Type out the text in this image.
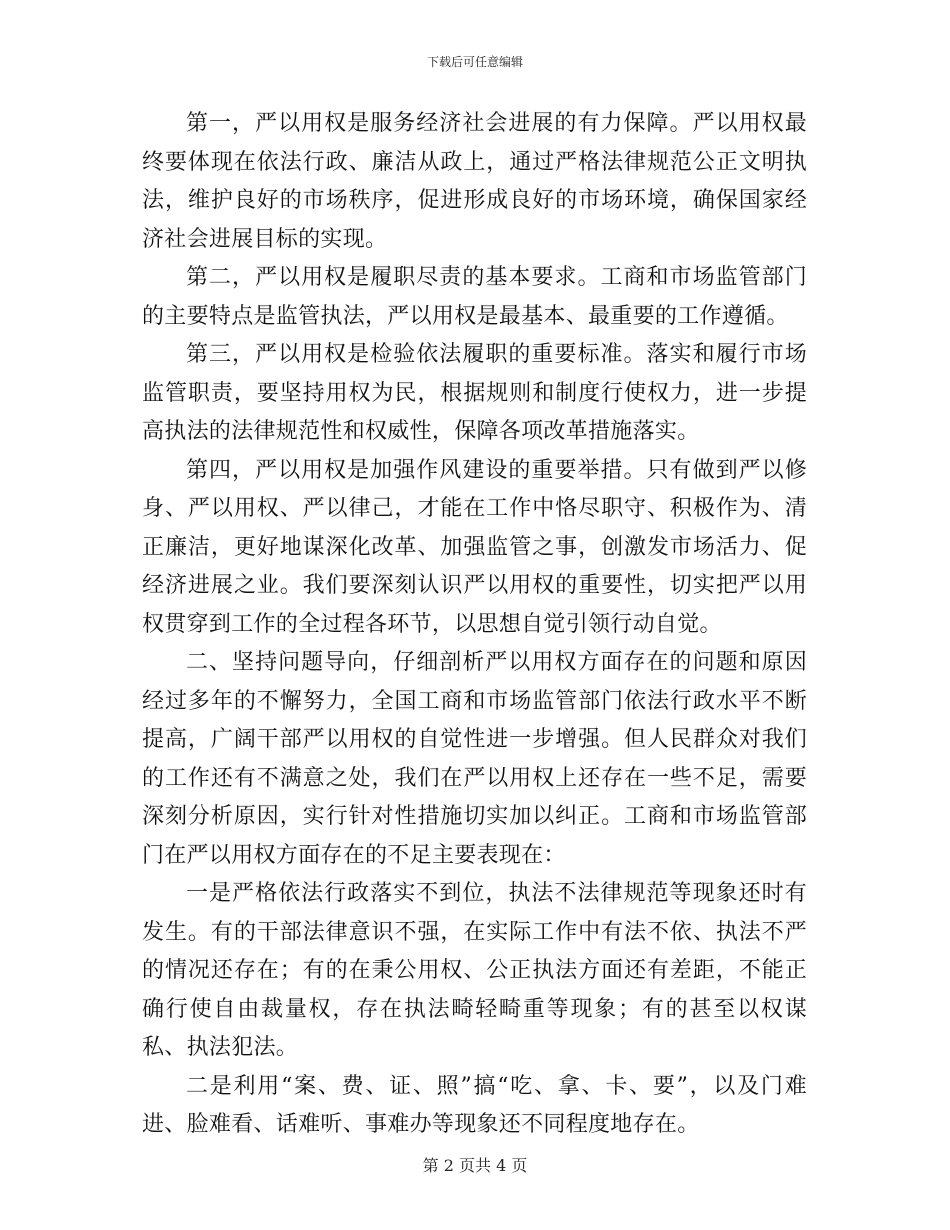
下载后可任意编辑

第一，严以用权是服务经济社会进展的有力保障。严以用权最终要体现在依法行政、廉洁从政上，通过严格法律规范公正文明执法，维护良好的市场秩序，促进形成良好的市场环境，确保国家经济社会进展目标的实现。

第二，严以用权是履职尽责的基本要求。工商和市场监管部门的主要特点是监管执法，严以用权是最基本、最重要的工作遵循。

第三，严以用权是检验依法履职的重要标准。落实和履行市场监管职责，要坚持用权为民，根据规则和制度行使权力，进一步提高执法的法律规范性和权威性，保障各项改革措施落实。

第四，严以用权是加强作风建设的重要举措。只有做到严以修身、严以用权、严以律己，才能在工作中恪尽职守、积极作为、清正廉洁，更好地谋深化改革、加强监管之事，创激发市场活力、促经济进展之业。我们要深刻认识严以用权的重要性，切实把严以用权贯穿到工作的全过程各环节，以思想自觉引领行动自觉。

二、坚持问题导向，仔细剖析严以用权方面存在的问题和原因经过多年的不懈努力，全国工商和市场监管部门依法行政水平不断提高，广阔干部严以用权的自觉性进一步增强。但人民群众对我们的工作还有不满意之处，我们在严以用权上还存在一些不足，需要深刻分析原因，实行针对性措施切实加以纠正。工商和市场监管部门在严以用权方面存在的不足主要表现在：

一是严格依法行政落实不到位，执法不法律规范等现象还时有发生。有的干部法律意识不强，在实际工作中有法不依、执法不严的情况还存在；有的在秉公用权、公正执法方面还有差距，不能正确行使自由裁量权，存在执法畸轻畸重等现象；有的甚至以权谋私、执法犯法。

二是利用“案、费、证、照”搞“吃、拿、卡、要”，以及门难进、脸难看、话难听、事难办等现象还不同程度地存在。

第 2 页共 4 页
